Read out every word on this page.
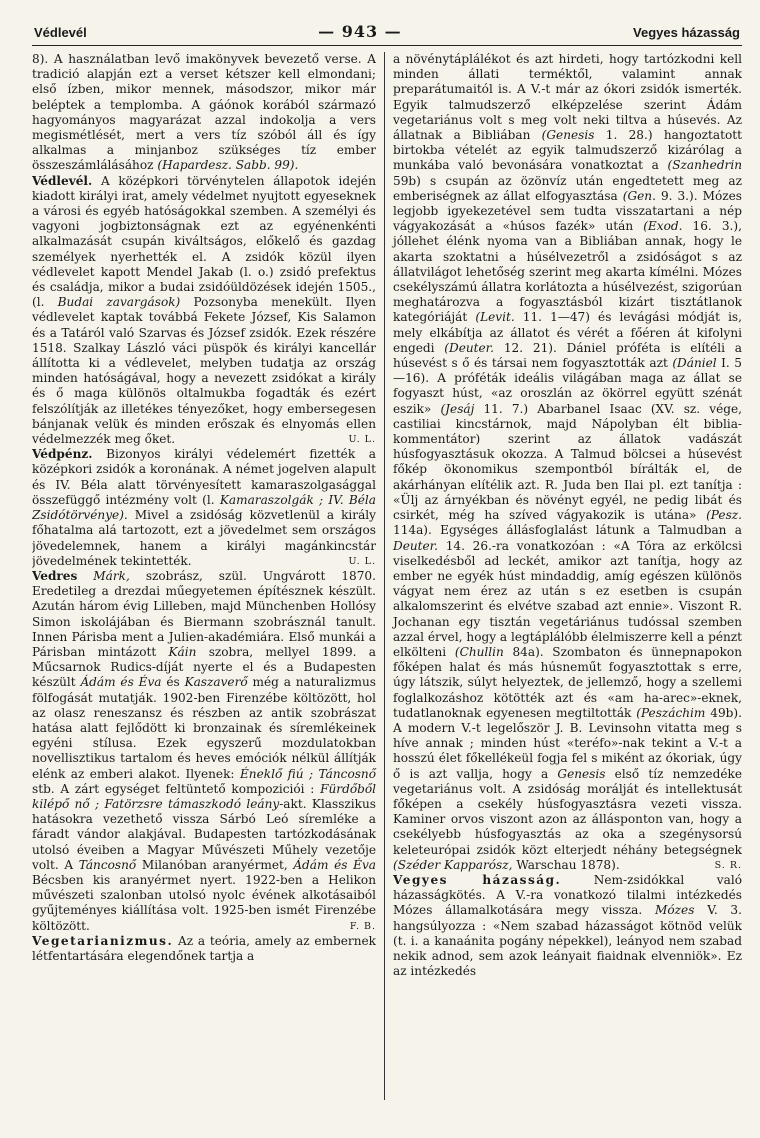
Védlevél	— 943 —	Vegyes házasság

8). A használatban levő imakönyvek bevezető verse. A tradició alapján ezt a verset kétszer kell elmondani; első ízben, mikor mennek, másodszor, mikor már beléptek a templomba. A gáónok korából származó hagyományos magyarázat azzal indokolja a vers megismétlését, mert a vers tíz szóból áll és így alkalmas a minjanboz szükséges tíz ember összeszámlálásához (Hapardesz. Sabb. 99).

Védlevél. A középkori törvénytelen állapotok idején kiadott királyi irat, amely védelmet nyujtott egyeseknek a városi és egyéb hatóságokkal szemben. A személyi és vagyoni jogbiztonságnak ezt az egyénenkénti alkalmazását csupán kiváltságos, előkelő és gazdag személyek nyerhették el. A zsidók közül ilyen védlevelet kapott Mendel Jakab (l. o.) zsidó prefektus és családja, mikor a budai zsidóüldözések idején 1505., (l. Budai zavargások) Pozsonyba menekült. Ilyen védlevelet kaptak továbbá Fekete József, Kis Salamon és a Tatáról való Szarvas és József zsidók. Ezek részére 1518. Szalkay László váci püspök és királyi kancellár állította ki a védlevelet, melyben tudatja az ország minden hatóságával, hogy a nevezett zsidókat a király és ő maga különös oltalmukba fogadták és ezért felszólítják az illetékes tényezőket, hogy embersegesen bánjanak velük és minden erőszak és elnyomás ellen védelmezzék meg őket.	U. L.

Védpénz. Bizonyos királyi védelemért fizették a középkori zsidók a koronának. A német jogelven alapult és IV. Béla alatt törvényesített kamaraszolgasággal összefüggő intézmény volt (l. Kamaraszolgák ; IV. Béla Zsidótörvénye). Mivel a zsidóság közvetlenül a király főhatalma alá tartozott, ezt a jövedelmet sem országos jövedelemnek, hanem a királyi magánkincstár jövedelmének tekintették.	U. L.

Vedres Márk, szobrász, szül. Ungvárott 1870. Eredetileg a drezdai műegyetemen építésznek készült. Azután három évig Lilleben, majd Münchenben Hollósy Simon iskolájában és Biermann szobrásznál tanult. Innen Párisba ment a Julien-akadémiára. Első munkái a Párisban mintázott Káin szobra, mellyel 1899. a Műcsarnok Rudics-díját nyerte el és a Budapesten készült Ádám és Éva és Kaszaverő még a naturalizmus fölfogását mutatják. 1902-ben Firenzébe költözött, hol az olasz reneszansz és részben az antik szobrászat hatása alatt fejlődött ki bronzainak és síremlékeinek egyéni stílusa. Ezek egyszerű mozdulatokban novellisztikus tartalom és heves emóciók nélkül állítják elénk az emberi alakot. Ilyenek: Éneklő fiú ; Táncosnő stb. A zárt egységet feltüntető kompoziciói : Fürdőből kilépő nő ; Fatörzsre támaszkodó leány-akt. Klasszikus hatásokra vezethető vissza Sárbó Leó síremléke a fáradt vándor alakjával. Budapesten tartózkodásának utolsó éveiben a Magyar Művészeti Műhely vezetője volt. A Táncosnő Milanóban aranyérmet, Ádám és Éva Bécsben kis aranyérmet nyert. 1922-ben a Helikon művészeti szalonban utolsó nyolc évének alkotásaiból gyűjteményes kiállítása volt. 1925-ben ismét Firenzébe költözött.	F. B.

Vegetarianizmus. Az a teória, amely az embernek létfentartására elegendőnek tartja a

a növénytáplálékot és azt hirdeti, hogy tartózkodni kell minden állati terméktől, valamint annak preparátumaitól is. A V.-t már az ókori zsidók ismerték. Egyik talmudszerző elképzelése szerint Ádám vegetariánus volt s meg volt neki tiltva a húsevés. Az állatnak a Bibliában (Genesis 1. 28.) hangoztatott birtokba vételét az egyik talmudszerző kizárólag a munkába való bevonására vonatkoztat a (Szanhedrin 59b) s csupán az özönvíz után engedtetett meg az emberiségnek az állat elfogyasztása (Gen. 9. 3.). Mózes legjobb igyekezetével sem tudta visszatartani a nép vágyakozását a «húsos fazék» után (Exod. 16. 3.), jóllehet élénk nyoma van a Bibliában annak, hogy le akarta szoktatni a húsélvezetről a zsidóságot s az állatvilágot lehetőség szerint meg akarta kímélni. Mózes csekélyszámú állatra korlátozta a húsélvezést, szigorúan meghatározva a fogyasztásból kizárt tisztátlanok kategóriáját (Levit. 11. 1—47) és levágási módját is, mely elkábítja az állatot és vérét a főéren át kifolyni engedi (Deuter. 12. 21). Dániel próféta is elítéli a húsevést s ő és társai nem fogyasztották azt (Dániel I. 5—16). A próféták ideális világában maga az állat se fogyaszt húst, «az oroszlán az ökörrel együtt szénát eszik» (Jesáj 11. 7.) Abarbanel Isaac (XV. sz. vége, castiliai kincstárnok, majd Nápolyban élt biblia-kommentátor) szerint az állatok vadászát húsfogyasztásuk okozza. A Talmud bölcsei a húsevést főkép ökonomikus szempontból bírálták el, de akárhányan elítélik azt. R. Juda ben Ilai pl. ezt tanítja : «Ülj az árnyékban és növényt egyél, ne pedig libát és csirkét, még ha szíved vágyakozik is utána» (Pesz. 114a). Egységes állásfoglalást látunk a Talmudban a Deuter. 14. 26.-ra vonatkozóan : «A Tóra az erkölcsi viselkedésből ad leckét, amikor azt tanítja, hogy az ember ne egyék húst mindaddig, amíg egészen különös vágyat nem érez az után s ez esetben is csupán alkalomszerint és elvétve szabad azt ennie». Viszont R. Jochanan egy tisztán vegetáriánus tudóssal szemben azzal érvel, hogy a legtáplálóbb élelmiszerre kell a pénzt elkölteni (Chullin 84a). Szombaton és ünnepnapokon főképen halat és más húsneműt fogyasztottak s erre, úgy látszik, súlyt helyeztek, de jellemző, hogy a szellemi foglalkozáshoz kötötték azt és «am ha-arec»-eknek, tudatlanoknak egyenesen megtiltották (Peszáchim 49b). A modern V.-t legelőször J. B. Levinsohn vitatta meg s híve annak ; minden húst «teréfo»-nak tekint a V.-t a hosszú élet főkellékeül fogja fel s miként az ókoriak, úgy ő is azt vallja, hogy a Genesis első tíz nemzedéke vegetariánus volt. A zsidóság morálját és intellektusát főképen a csekély húsfogyasztásra vezeti vissza. Kaminer orvos viszont azon az állásponton van, hogy a csekélyebb húsfogyasztás az oka a szegénysorsú keleteurópai zsidók közt elterjedt néhány betegségnek (Széder Kapparósz, Warschau 1878).	S. R.

Vegyes házasság.	Nem-zsidókkal való házasságkötés. A V.-ra vonatkozó tilalmi intézkedés Mózes államalkotására megy vissza. Mózes V. 3. hangsúlyozza : «Nem szabad házasságot kötnöd velük (t. i. a kanaánita pogány népekkel), leányod nem szabad nekik adnod, sem azok leányait fiaidnak elvenniök». Ez az intézkedés
